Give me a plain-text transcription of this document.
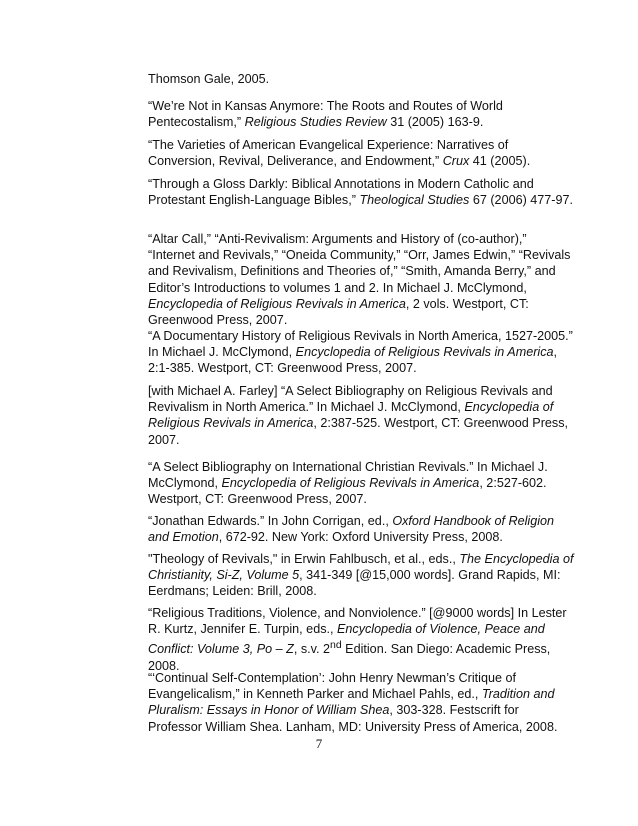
Thomson Gale, 2005.
“We’re Not in Kansas Anymore: The Roots and Routes of World Pentecostalism,” Religious Studies Review 31 (2005) 163-9.
“The Varieties of American Evangelical Experience: Narratives of Conversion, Revival, Deliverance, and Endowment,” Crux 41 (2005).
“Through a Gloss Darkly: Biblical Annotations in Modern Catholic and Protestant English-Language Bibles,” Theological Studies 67 (2006) 477-97.
“Altar Call,” “Anti-Revivalism: Arguments and History of (co-author),” “Internet and Revivals,” “Oneida Community,” “Orr, James Edwin,” “Revivals and Revivalism, Definitions and Theories of,” “Smith, Amanda Berry,” and Editor’s Introductions to volumes 1 and 2. In Michael J. McClymond, Encyclopedia of Religious Revivals in America, 2 vols. Westport, CT: Greenwood Press, 2007.
“A Documentary History of Religious Revivals in North America, 1527-2005.” In Michael J. McClymond, Encyclopedia of Religious Revivals in America, 2:1-385. Westport, CT: Greenwood Press, 2007.
[with Michael A. Farley] “A Select Bibliography on Religious Revivals and Revivalism in North America.” In Michael J. McClymond, Encyclopedia of Religious Revivals in America, 2:387-525. Westport, CT: Greenwood Press, 2007.
“A Select Bibliography on International Christian Revivals.” In Michael J. McClymond, Encyclopedia of Religious Revivals in America, 2:527-602. Westport, CT: Greenwood Press, 2007.
“Jonathan Edwards.” In John Corrigan, ed., Oxford Handbook of Religion and Emotion, 672-92. New York: Oxford University Press, 2008.
"Theology of Revivals," in Erwin Fahlbusch, et al., eds., The Encyclopedia of Christianity, Si-Z, Volume 5, 341-349 [@15,000 words]. Grand Rapids, MI: Eerdmans; Leiden: Brill, 2008.
“Religious Traditions, Violence, and Nonviolence.” [@9000 words] In Lester R. Kurtz, Jennifer E. Turpin, eds., Encyclopedia of Violence, Peace and Conflict: Volume 3, Po – Z, s.v. 2nd Edition. San Diego: Academic Press, 2008.
“‘Continual Self-Contemplation’: John Henry Newman’s Critique of Evangelicalism,” in Kenneth Parker and Michael Pahls, ed., Tradition and Pluralism: Essays in Honor of William Shea, 303-328. Festscrift for Professor William Shea. Lanham, MD: University Press of America, 2008.
7
